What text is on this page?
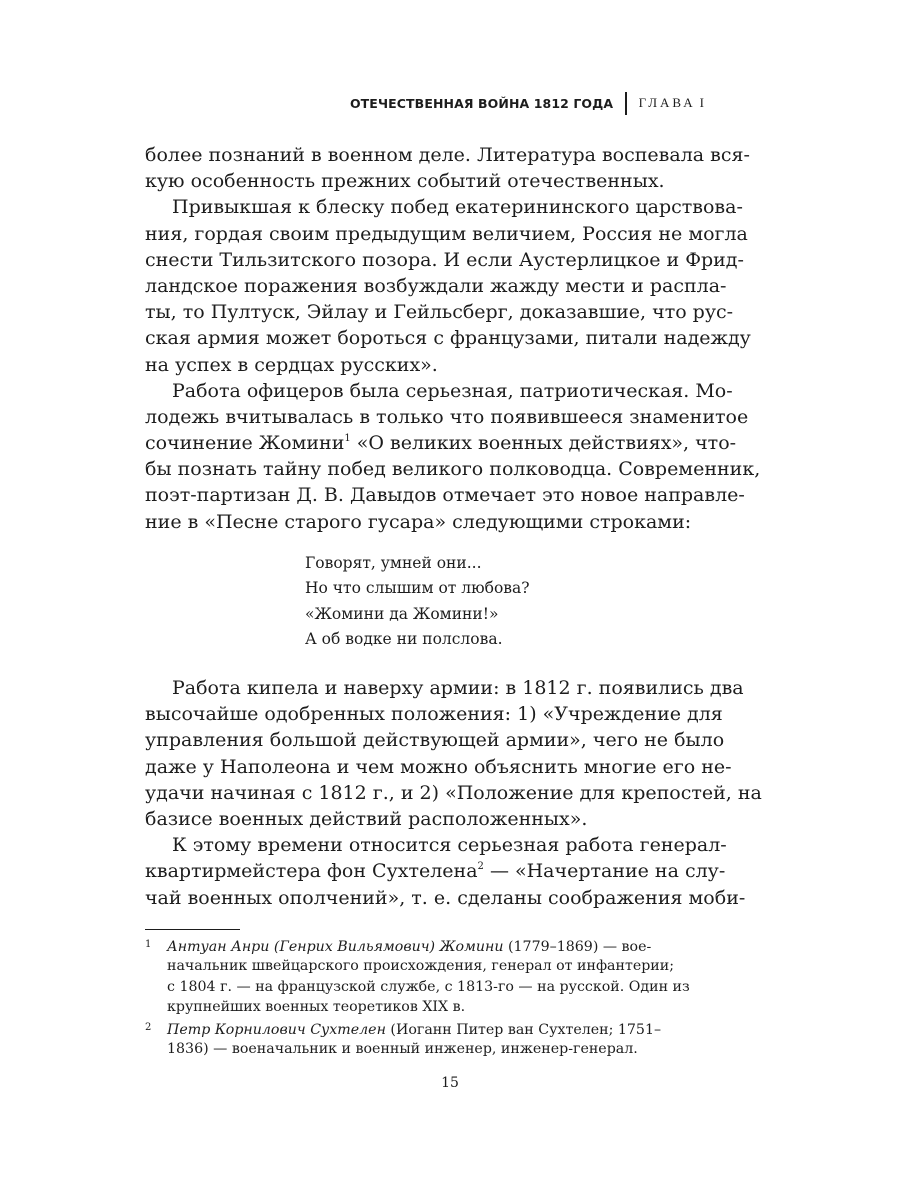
ОТЕЧЕСТВЕННАЯ ВОЙНА 1812 ГОДА ГЛАВА I
более познаний в военном деле. Литература воспевала вся-
кую особенность прежних событий отечественных.
Привыкшая к блеску побед екатерининского царствова-
ния, гордая своим предыдущим величием, Россия не могла
снести Тильзитского позора. И если Аустерлицкое и Фрид-
ландское поражения возбуждали жажду мести и распла-
ты, то Пултуск, Эйлау и Гейльсберг, доказавшие, что рус-
ская армия может бороться с французами, питали надежду
на успех в сердцах русских».
Работа офицеров была серьезная, патриотическая. Мо-
лодежь вчитывалась в только что появившееся знаменитое
сочинение Жомини$^1$ «О великих военных действиях», что-
бы познать тайну побед великого полководца. Современник,
поэт-партизан Д. В. Давыдов отмечает это новое направле-
ние в «Песне старого гусара» следующими строками:
Говорят, умней они...
Но что слышим от любова?
«Жомини да Жомини!»
А об водке ни полслова.
Работа кипела и наверху армии: в 1812 г. появились два
высочайше одобренных положения: 1) «Учреждение для
управления большой действующей армии», чего не было
даже у Наполеона и чем можно объяснить многие его не-
удачи начиная с 1812 г., и 2) «Положение для крепостей, на
базисе военных действий расположенных».
К этому времени относится серьезная работа генерал-
квартирмейстера фон Сухтелена$^2$ — «Начертание на слу-
чай военных ополчений», т. е. сделаны соображения моби-
1 Антуан Анри (Генрих Вильямович) Жомини (1779–1869) — вое-
начальник швейцарского происхождения, генерал от инфантерии;
с 1804 г. — на французской службе, с 1813-го — на русской. Один из
крупнейших военных теоретиков XIX в.
2 Петр Корнилович Сухтелен (Иоганн Питер ван Сухтелен; 1751–
1836) — военачальник и военный инженер, инженер-генерал.
15
